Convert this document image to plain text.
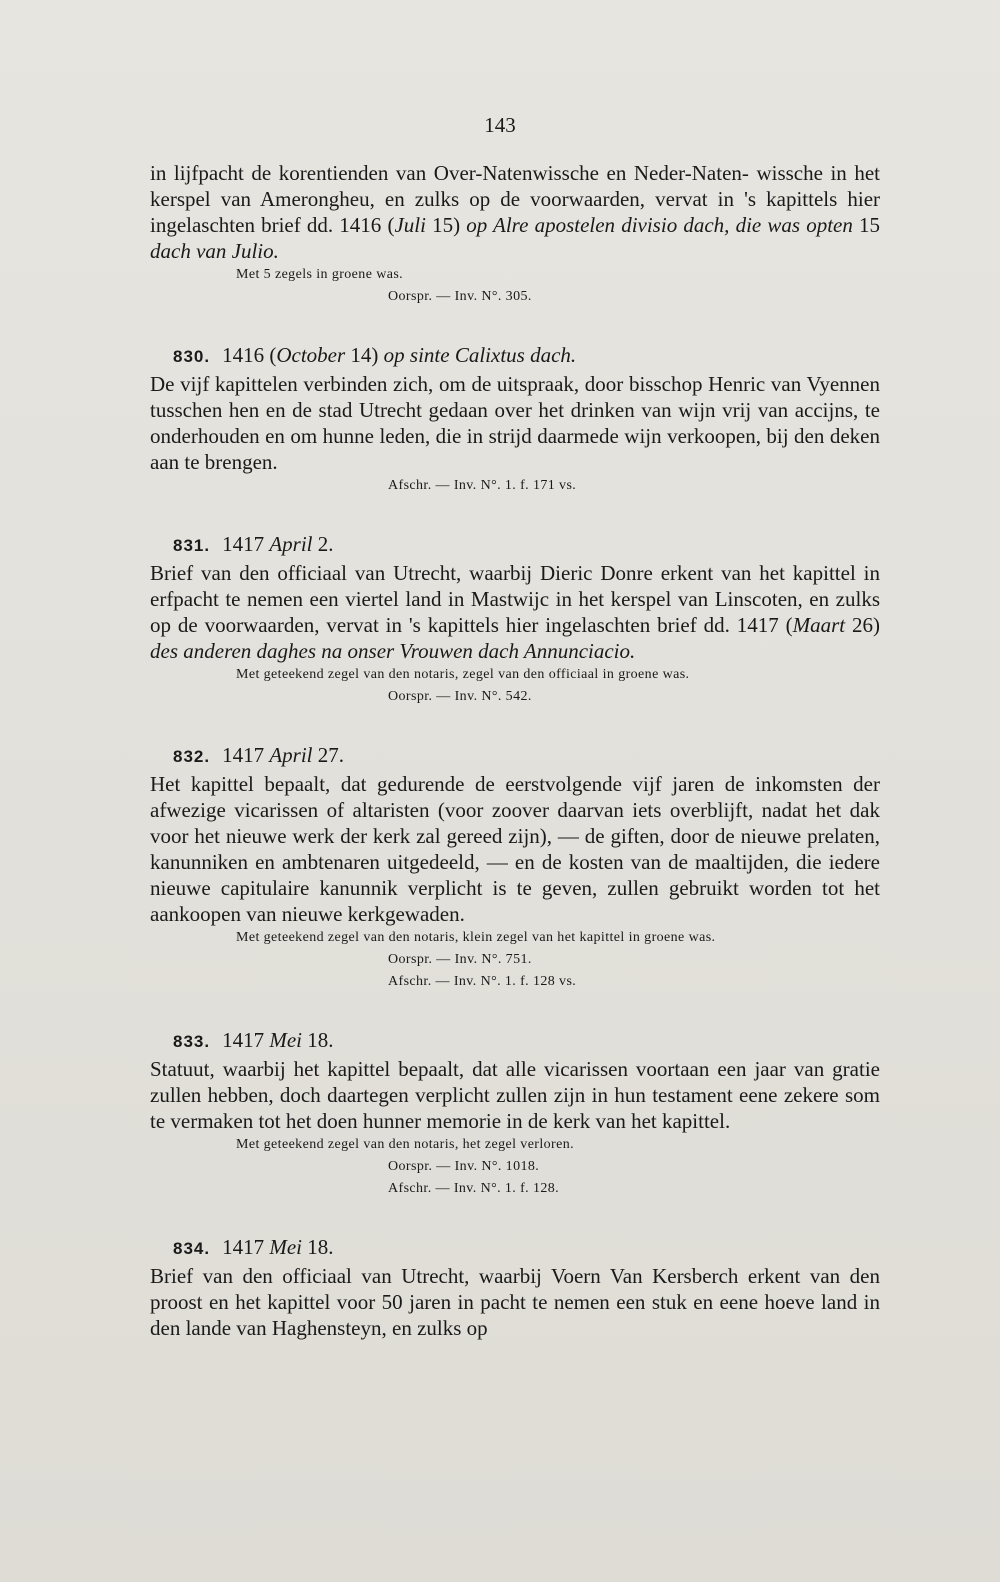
143
in lijfpacht de korentienden van Over-Natenwissche en Neder-Naten- wissche in het kerspel van Amerongheu, en zulks op de voorwaarden, vervat in 's kapittels hier ingelaschten brief dd. 1416 (Juli 15) op Alre apostelen divisio dach, die was opten 15 dach van Julio.
Met 5 zegels in groene was.
Oorspr. — Inv. N°. 305.
830. 1416 (October 14) op sinte Calixtus dach.
De vijf kapittelen verbinden zich, om de uitspraak, door bisschop Henric van Vyennen tusschen hen en de stad Utrecht gedaan over het drinken van wijn vrij van accijns, te onderhouden en om hunne leden, die in strijd daarmede wijn verkoopen, bij den deken aan te brengen.
Afschr. — Inv. N°. 1. f. 171 vs.
831. 1417 April 2.
Brief van den officiaal van Utrecht, waarbij Dieric Donre erkent van het kapittel in erfpacht te nemen een viertel land in Mastwijc in het kerspel van Linscoten, en zulks op de voorwaarden, vervat in 's kapittels hier ingelaschten brief dd. 1417 (Maart 26) des anderen daghes na onser Vrouwen dach Annunciacio.
Met geteekend zegel van den notaris, zegel van den officiaal in groene was.
Oorspr. — Inv. N°. 542.
832. 1417 April 27.
Het kapittel bepaalt, dat gedurende de eerstvolgende vijf jaren de inkomsten der afwezige vicarissen of altaristen (voor zoover daarvan iets overblijft, nadat het dak voor het nieuwe werk der kerk zal gereed zijn), — de giften, door de nieuwe prelaten, kanunniken en ambtenaren uitgedeeld, — en de kosten van de maaltijden, die iedere nieuwe capitulaire kanunnik verplicht is te geven, zullen gebruikt worden tot het aankoopen van nieuwe kerkgewaden.
Met geteekend zegel van den notaris, klein zegel van het kapittel in groene was.
Oorspr. — Inv. N°. 751.
Afschr. — Inv. N°. 1. f. 128 vs.
833. 1417 Mei 18.
Statuut, waarbij het kapittel bepaalt, dat alle vicarissen voortaan een jaar van gratie zullen hebben, doch daartegen verplicht zullen zijn in hun testament eene zekere som te vermaken tot het doen hunner memorie in de kerk van het kapittel.
Met geteekend zegel van den notaris, het zegel verloren.
Oorspr. — Inv. N°. 1018.
Afschr. — Inv. N°. 1. f. 128.
834. 1417 Mei 18.
Brief van den officiaal van Utrecht, waarbij Voern Van Kersberch erkent van den proost en het kapittel voor 50 jaren in pacht te nemen een stuk en eene hoeve land in den lande van Haghensteyn, en zulks op
